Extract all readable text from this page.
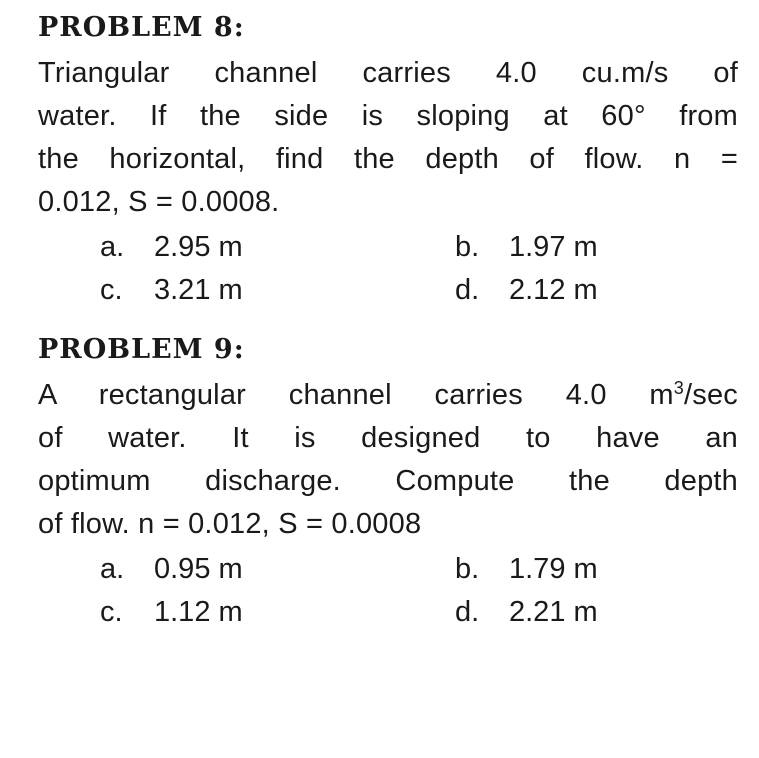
PROBLEM 8:

Triangular channel carries 4.0 cu.m/s of
water. If the side is sloping at 60° from
the horizontal, find the depth of flow. n =
0.012, S = 0.0008.

a. 2.95 m	b. 1.97 m
c. 3.21 m	d. 2.12 m
PROBLEM 9:

A rectangular channel carries 4.0 $m^3/\sec$
of water. It is designed to have an
optimum discharge. Compute the depth
of flow. n = 0.012, S = 0.0008

a. 0.95 m	b. 1.79 m
c. 1.12 m	d. 2.21 m
